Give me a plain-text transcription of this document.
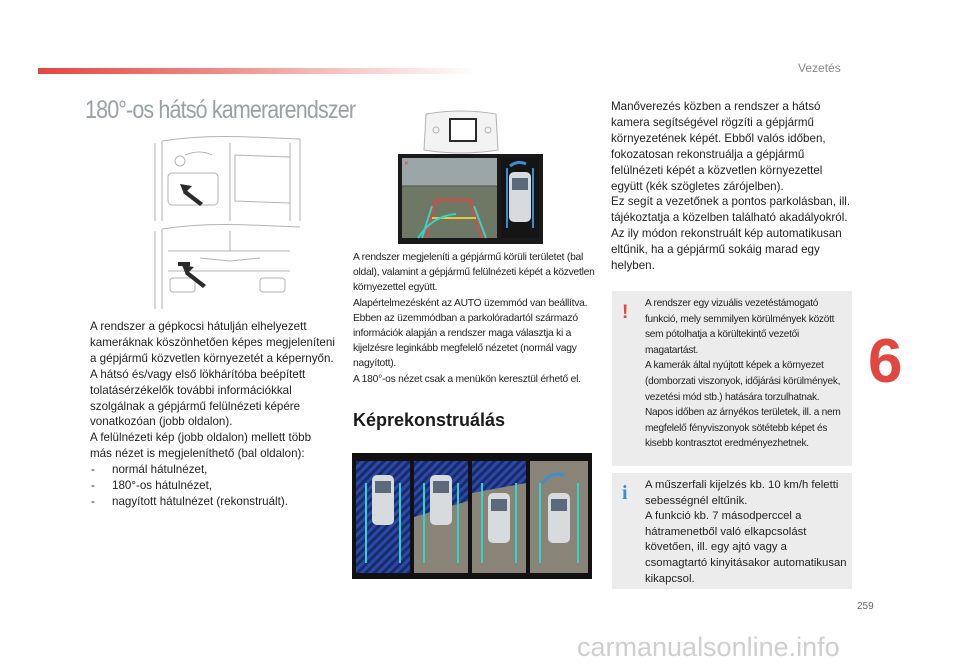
Vezetés
180°-os hátsó kamerarendszer

A rendszer a gépkocsi hátulján elhelyezett kameráknak köszönhetően képes megjeleníteni a gépjármű közvetlen környezetét a képernyőn.

A hátsó és/vagy első lökhárítóba beépített tolatásérzékelők további információkkal szolgálnak a gépjármű felülnézeti képére vonatkozóan (jobb oldalon).

A felülnézeti kép (jobb oldalon) mellett több más nézet is megjeleníthető (bal oldalon):

- normál hátulnézet,
- 180°-os hátulnézet,
- nagyított hátulnézet (rekonstruált).
×

A rendszer megjeleníti a gépjármű körüli területet (bal oldal), valamint a gépjármű felülnézeti képét a közvetlen környezettel együtt.

Alapértelmezésként az AUTO üzemmód van beállítva.

Ebben az üzemmódban a parkolóradartól származó információk alapján a rendszer maga választja ki a kijelzésre leginkább megfelelő nézetet (normál vagy nagyított).

A 180°-os nézet csak a menükön keresztül érhető el.

Képrekonstruálás

Manőverezés közben a rendszer a hátsó kamera segítségével rögzíti a gépjármű környezetének képét. Ebből valós időben, fokozatosan rekonstruálja a gépjármű felülnézeti képét a közvetlen környezettel együtt (kék szögletes zárójelben).

Ez segít a vezetőnek a pontos parkolásban, ill. tájékoztatja a közelben található akadályokról. Az ily módon rekonstruált kép automatikusan eltűnik, ha a gépjármű sokáig marad egy helyben.

! A rendszer egy vizuális vezetéstámogató funkció, mely semmilyen körülmények között sem pótolhatja a körültekintő vezetői magatartást.

A kamerák által nyújtott képek a környezet (domborzati viszonyok, időjárási körülmények, vezetési mód stb.) hatására torzulhatnak.

Napos időben az árnyékos területek, ill. a nem megfelelő fényviszonyok sötétebb képet és kisebb kontrasztot eredményezhetnek.

i A műszerfali kijelzés kb. 10 km/h feletti sebességnél eltűnik.

A funkció kb. 7 másodperccel a hátramenetből való elkapcsolást követően, ill. egy ajtó vagy a csomagtartó kinyitásakor automatikusan kikapcsol.

6
259
carmanualsonline.info
